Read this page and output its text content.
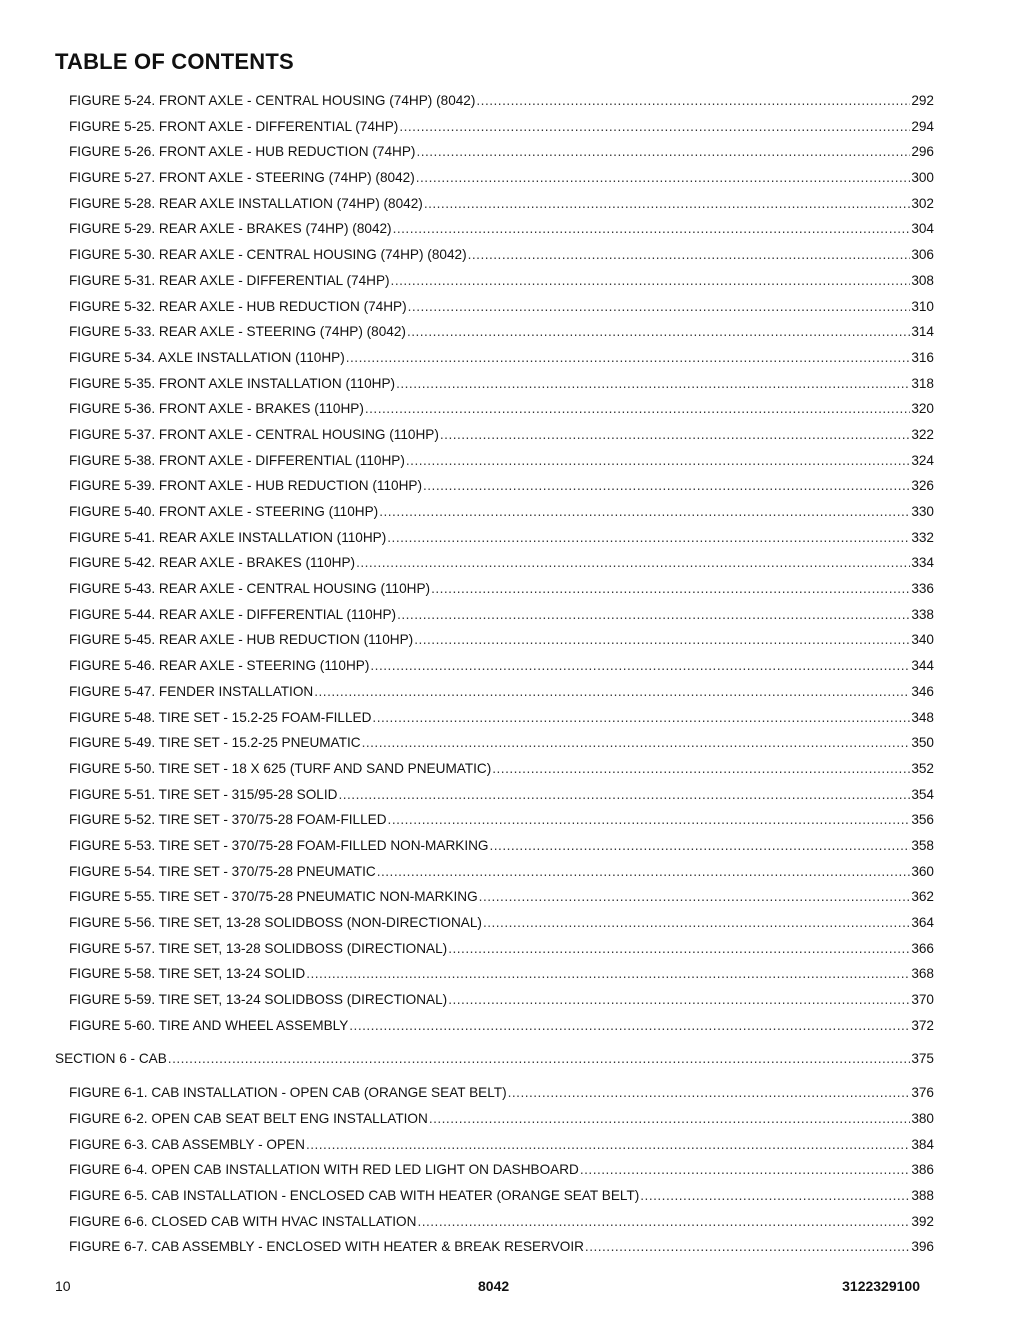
TABLE OF CONTENTS
FIGURE 5-24. FRONT AXLE - CENTRAL HOUSING (74HP) (8042) .....	292
FIGURE 5-25. FRONT AXLE - DIFFERENTIAL (74HP) .....	294
FIGURE 5-26. FRONT AXLE - HUB REDUCTION (74HP) .....	296
FIGURE 5-27. FRONT AXLE - STEERING (74HP) (8042) .....	300
FIGURE 5-28. REAR AXLE INSTALLATION (74HP) (8042) .....	302
FIGURE 5-29. REAR AXLE - BRAKES (74HP) (8042) .....	304
FIGURE 5-30. REAR AXLE - CENTRAL HOUSING (74HP) (8042) .....	306
FIGURE 5-31. REAR AXLE - DIFFERENTIAL (74HP) .....	308
FIGURE 5-32. REAR AXLE - HUB REDUCTION (74HP) .....	310
FIGURE 5-33. REAR AXLE - STEERING (74HP) (8042) .....	314
FIGURE 5-34. AXLE INSTALLATION (110HP) .....	316
FIGURE 5-35. FRONT AXLE INSTALLATION (110HP) .....	318
FIGURE 5-36. FRONT AXLE - BRAKES (110HP) .....	320
FIGURE 5-37. FRONT AXLE - CENTRAL HOUSING (110HP) .....	322
FIGURE 5-38. FRONT AXLE - DIFFERENTIAL (110HP) .....	324
FIGURE 5-39. FRONT AXLE - HUB REDUCTION (110HP) .....	326
FIGURE 5-40. FRONT AXLE - STEERING (110HP) .....	330
FIGURE 5-41. REAR AXLE INSTALLATION (110HP) .....	332
FIGURE 5-42. REAR AXLE - BRAKES (110HP) .....	334
FIGURE 5-43. REAR AXLE - CENTRAL HOUSING (110HP) .....	336
FIGURE 5-44. REAR AXLE - DIFFERENTIAL (110HP) .....	338
FIGURE 5-45. REAR AXLE - HUB REDUCTION (110HP) .....	340
FIGURE 5-46. REAR AXLE - STEERING (110HP) .....	344
FIGURE 5-47. FENDER INSTALLATION .....	346
FIGURE 5-48. TIRE SET - 15.2-25 FOAM-FILLED .....	348
FIGURE 5-49. TIRE SET - 15.2-25 PNEUMATIC .....	350
FIGURE 5-50. TIRE SET - 18 X 625 (TURF AND SAND PNEUMATIC) .....	352
FIGURE 5-51. TIRE SET - 315/95-28 SOLID .....	354
FIGURE 5-52. TIRE SET - 370/75-28 FOAM-FILLED .....	356
FIGURE 5-53. TIRE SET - 370/75-28 FOAM-FILLED NON-MARKING .....	358
FIGURE 5-54. TIRE SET - 370/75-28 PNEUMATIC .....	360
FIGURE 5-55. TIRE SET - 370/75-28 PNEUMATIC NON-MARKING .....	362
FIGURE 5-56. TIRE SET, 13-28 SOLIDBOSS (NON-DIRECTIONAL) .....	364
FIGURE 5-57. TIRE SET, 13-28 SOLIDBOSS (DIRECTIONAL) .....	366
FIGURE 5-58. TIRE SET, 13-24 SOLID .....	368
FIGURE 5-59. TIRE SET, 13-24 SOLIDBOSS (DIRECTIONAL) .....	370
FIGURE 5-60. TIRE AND WHEEL ASSEMBLY .....	372
SECTION 6 - CAB .....	375
FIGURE 6-1. CAB INSTALLATION - OPEN CAB (ORANGE SEAT BELT) .....	376
FIGURE 6-2. OPEN CAB SEAT BELT ENG INSTALLATION .....	380
FIGURE 6-3. CAB ASSEMBLY - OPEN .....	384
FIGURE 6-4. OPEN CAB INSTALLATION WITH RED LED LIGHT ON DASHBOARD .....	386
FIGURE 6-5. CAB INSTALLATION - ENCLOSED CAB WITH HEATER (ORANGE SEAT BELT) .....	388
FIGURE 6-6. CLOSED CAB WITH HVAC INSTALLATION .....	392
FIGURE 6-7. CAB ASSEMBLY - ENCLOSED WITH HEATER & BREAK RESERVOIR .....	396
10	8042	3122329100
